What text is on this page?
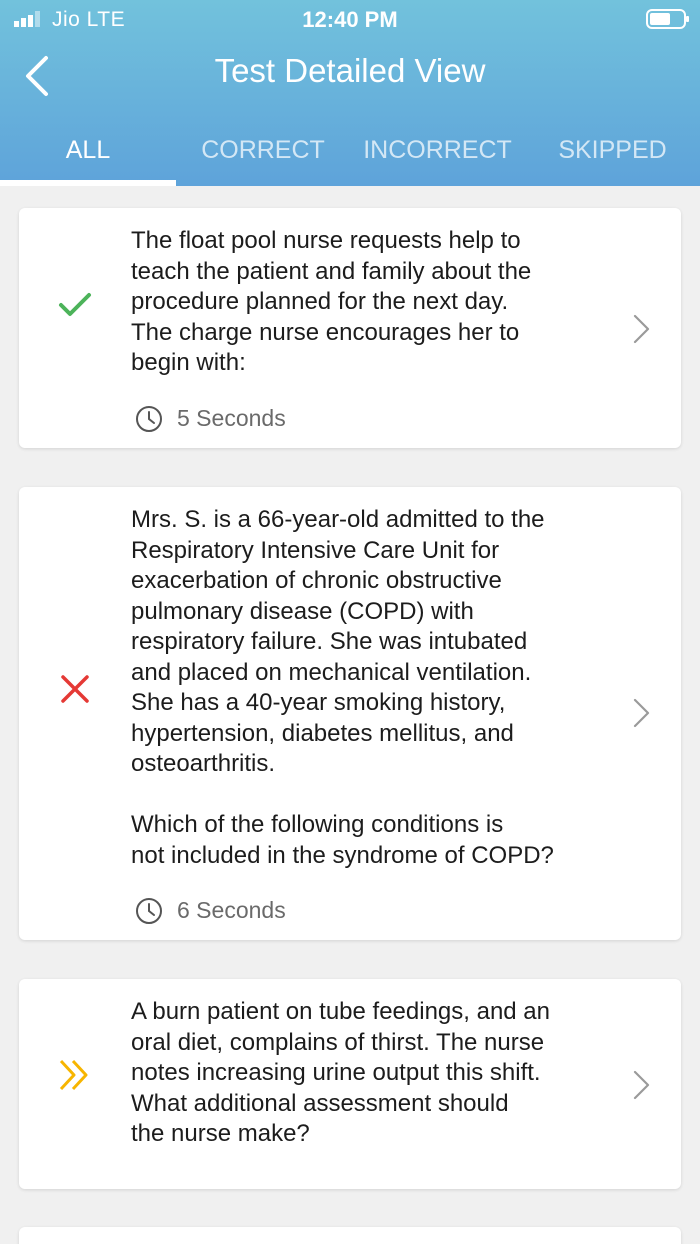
Jio LTE	12:40 PM
Test Detailed View
ALL	CORRECT	INCORRECT	SKIPPED
The float pool nurse requests help to
teach the patient and family about the
procedure planned for the next day.
The charge nurse encourages her to
begin with:
5 Seconds
Mrs. S. is a 66-year-old admitted to the
Respiratory Intensive Care Unit for
exacerbation of chronic obstructive
pulmonary disease (COPD) with
respiratory failure. She was intubated
and placed on mechanical ventilation.
She has a 40-year smoking history,
hypertension, diabetes mellitus, and
osteoarthritis.

Which of the following conditions is
not included in the syndrome of COPD?
6 Seconds
A burn patient on tube feedings, and an
oral diet, complains of thirst. The nurse
notes increasing urine output this shift.
What additional assessment should
the nurse make?
